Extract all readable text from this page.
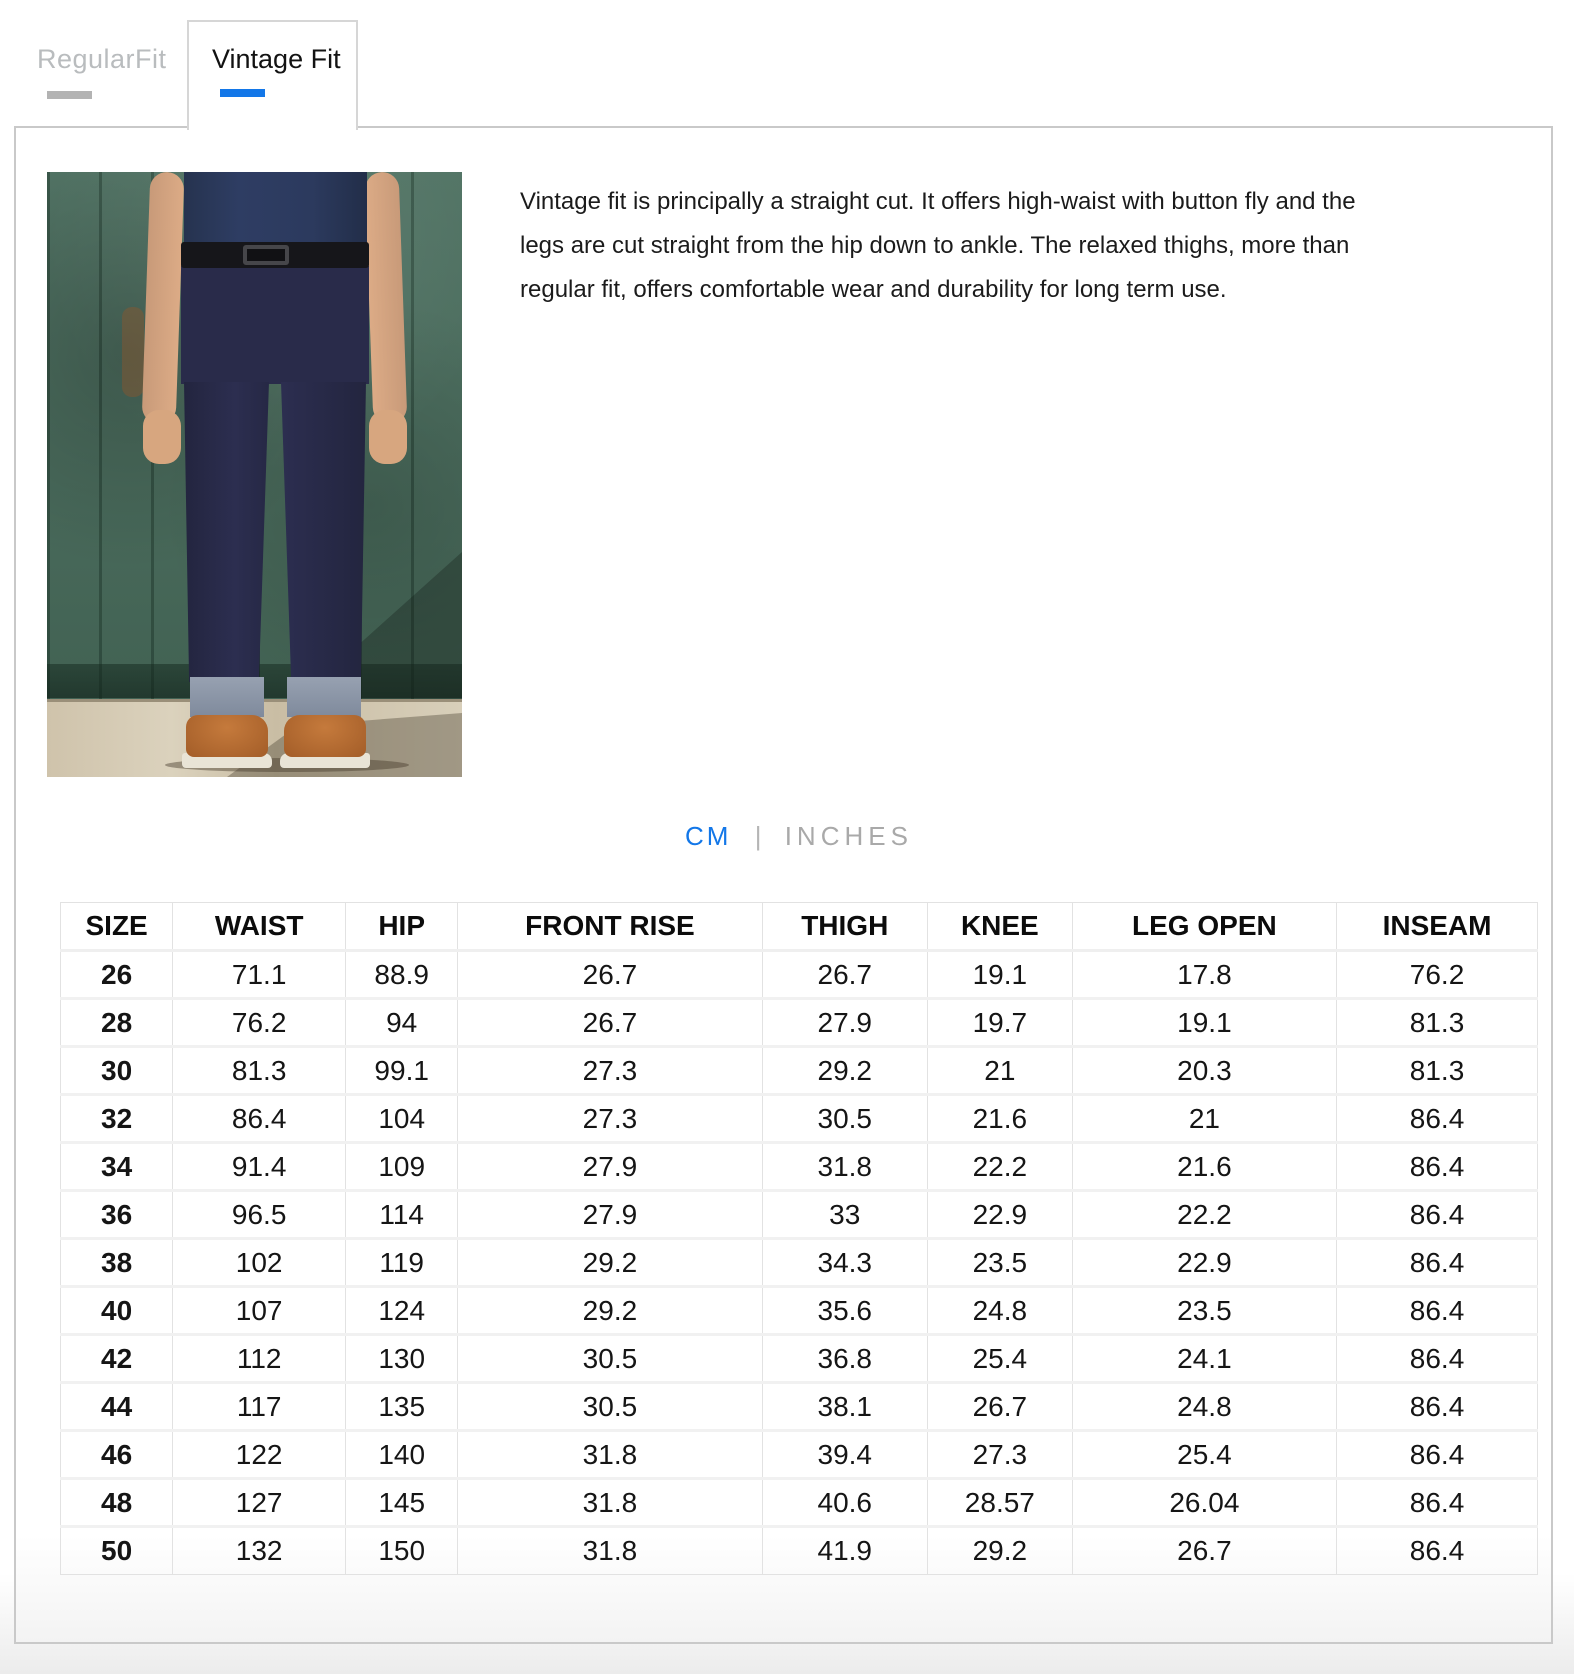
RegularFit Vintage Fit
Vintage fit is principally a straight cut. It offers high-waist with button fly and the
legs are cut straight from the hip down to ankle. The relaxed thighs, more than
regular fit, offers comfortable wear and durability for long term use.
CM | INCHES
SIZE	WAIST	HIP	FRONT RISE	THIGH	KNEE	LEG OPEN	INSEAM
26	71.1	88.9	26.7	26.7	19.1	17.8	76.2
28	76.2	94	26.7	27.9	19.7	19.1	81.3
30	81.3	99.1	27.3	29.2	21	20.3	81.3
32	86.4	104	27.3	30.5	21.6	21	86.4
34	91.4	109	27.9	31.8	22.2	21.6	86.4
36	96.5	114	27.9	33	22.9	22.2	86.4
38	102	119	29.2	34.3	23.5	22.9	86.4
40	107	124	29.2	35.6	24.8	23.5	86.4
42	112	130	30.5	36.8	25.4	24.1	86.4
44	117	135	30.5	38.1	26.7	24.8	86.4
46	122	140	31.8	39.4	27.3	25.4	86.4
48	127	145	31.8	40.6	28.57	26.04	86.4
50	132	150	31.8	41.9	29.2	26.7	86.4
